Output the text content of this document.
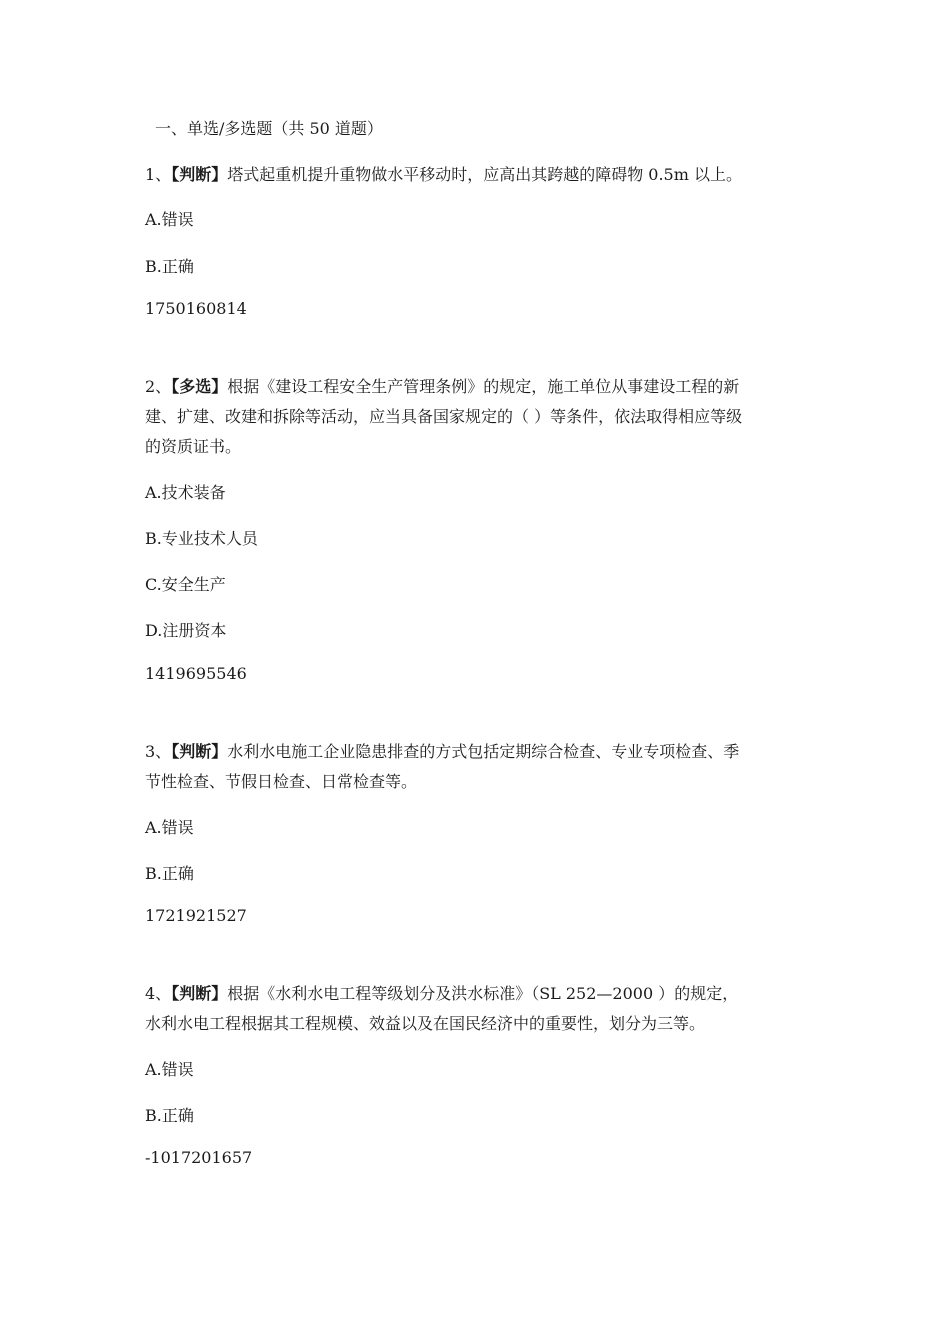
一、单选/多选题（共 50 道题）
1、【判断】塔式起重机提升重物做水平移动时，应高出其跨越的障碍物 0.5m 以上。
A.错误
B.正确
1750160814
2、【多选】根据《建设工程安全生产管理条例》的规定，施工单位从事建设工程的新
建、扩建、改建和拆除等活动，应当具备国家规定的（ ）等条件，依法取得相应等级
的资质证书。
A.技术装备
B.专业技术人员
C.安全生产
D.注册资本
1419695546
3、【判断】水利水电施工企业隐患排查的方式包括定期综合检查、专业专项检查、季
节性检查、节假日检查、日常检查等。
A.错误
B.正确
1721921527
4、【判断】根据《水利水电工程等级划分及洪水标准》（SL 252—2000 ）的规定，
水利水电工程根据其工程规模、效益以及在国民经济中的重要性，划分为三等。
A.错误
B.正确
-1017201657
